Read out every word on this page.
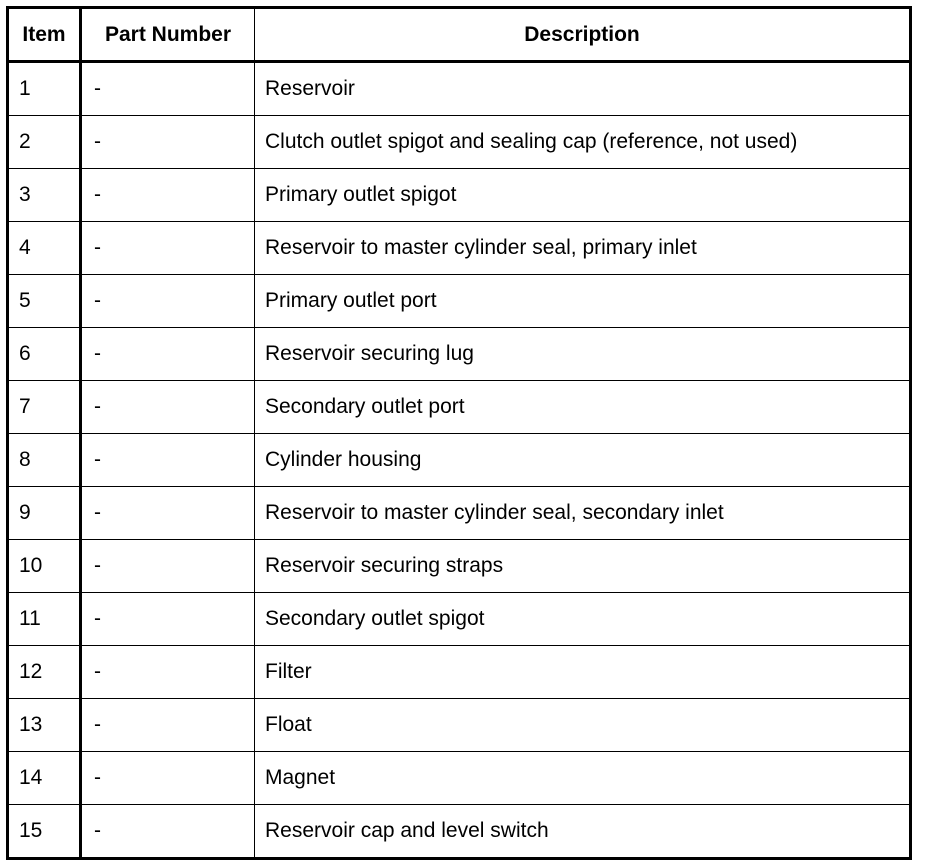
Item	Part Number	Description
1	-	Reservoir
2	-	Clutch outlet spigot and sealing cap (reference, not used)
3	-	Primary outlet spigot
4	-	Reservoir to master cylinder seal, primary inlet
5	-	Primary outlet port
6	-	Reservoir securing lug
7	-	Secondary outlet port
8	-	Cylinder housing
9	-	Reservoir to master cylinder seal, secondary inlet
10	-	Reservoir securing straps
11	-	Secondary outlet spigot
12	-	Filter
13	-	Float
14	-	Magnet
15	-	Reservoir cap and level switch
